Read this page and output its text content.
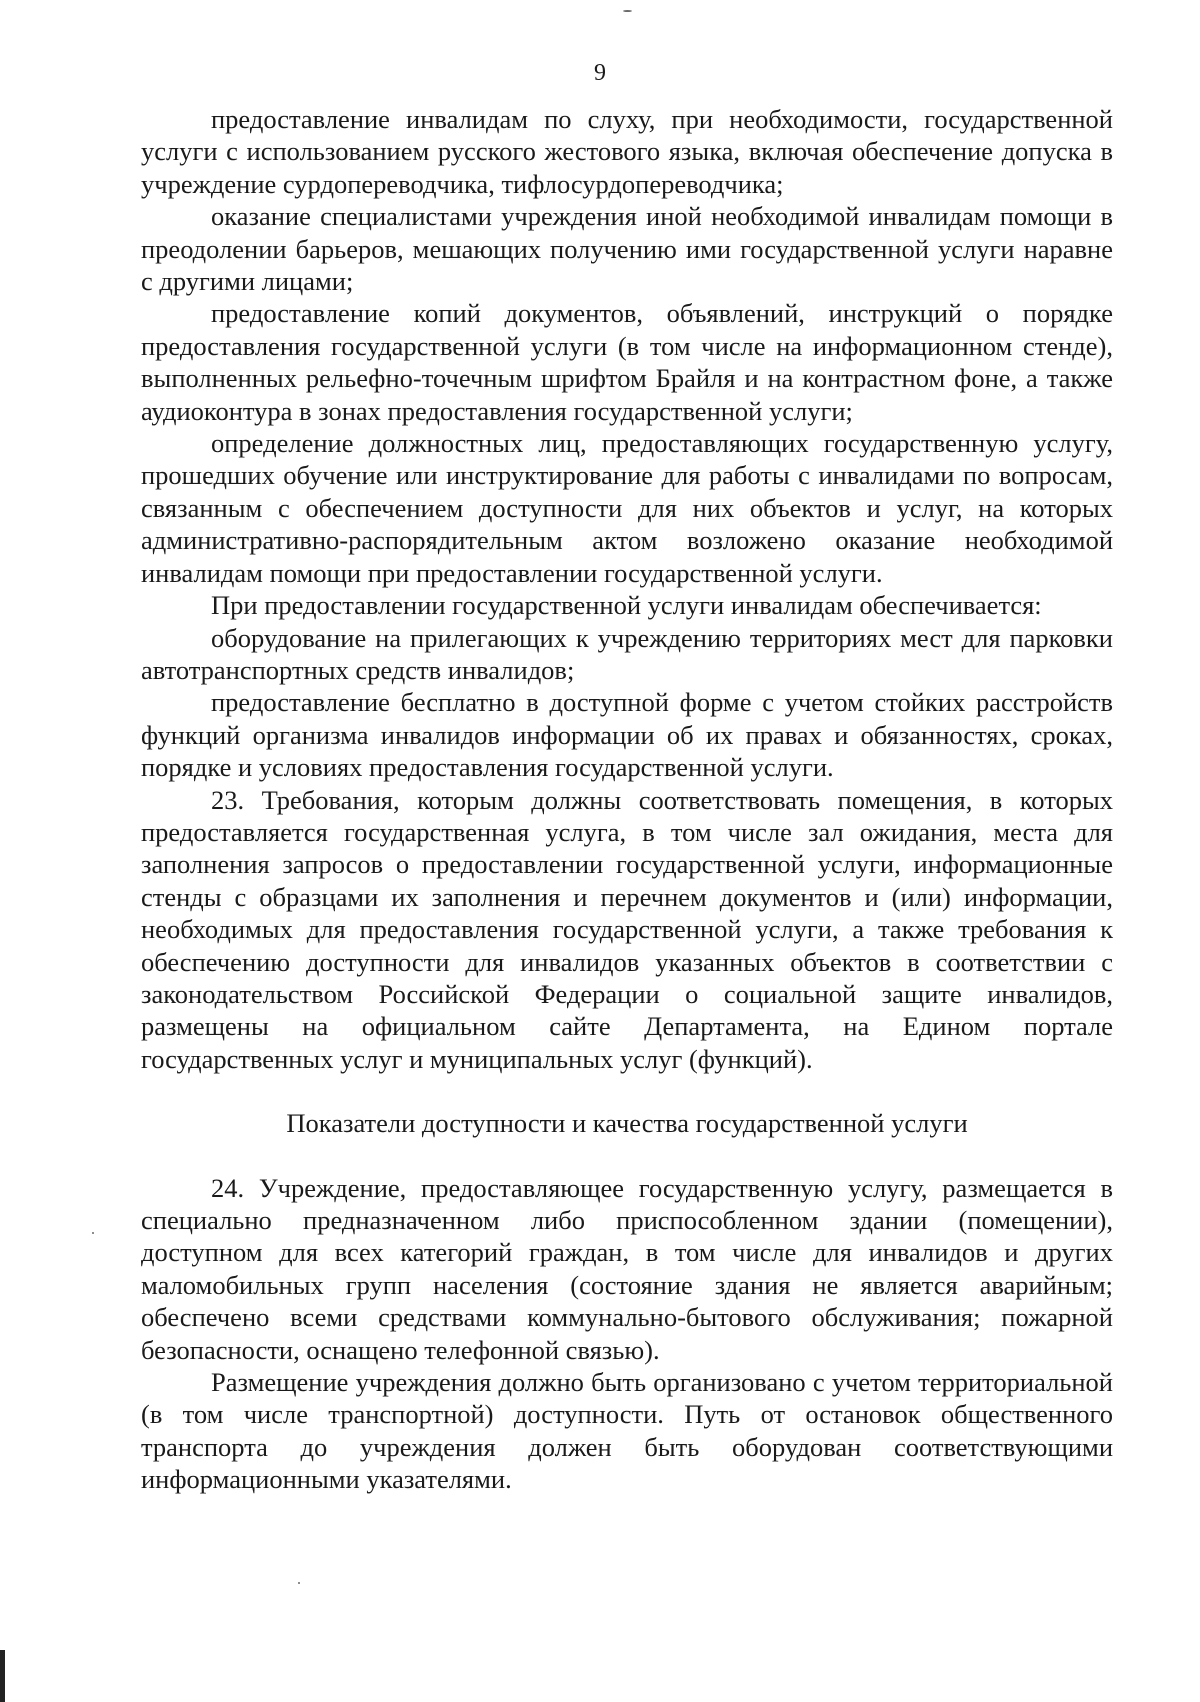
9

предоставление инвалидам по слуху, при необходимости, государственной услуги с использованием русского жестового языка, включая обеспечение допуска в учреждение сурдопереводчика, тифлосурдопереводчика;

оказание специалистами учреждения иной необходимой инвалидам помощи в преодолении барьеров, мешающих получению ими государственной услуги наравне с другими лицами;

предоставление копий документов, объявлений, инструкций о порядке предоставления государственной услуги (в том числе на информационном стенде), выполненных рельефно-точечным шрифтом Брайля и на контрастном фоне, а также аудиоконтура в зонах предоставления государственной услуги;

определение должностных лиц, предоставляющих государственную услугу, прошедших обучение или инструктирование для работы с инвалидами по вопросам, связанным с обеспечением доступности для них объектов и услуг, на которых административно-распорядительным актом возложено оказание необходимой инвалидам помощи при предоставлении государственной услуги.

При предоставлении государственной услуги инвалидам обеспечивается:

оборудование на прилегающих к учреждению территориях мест для парковки автотранспортных средств инвалидов;

предоставление бесплатно в доступной форме с учетом стойких расстройств функций организма инвалидов информации об их правах и обязанностях, сроках, порядке и условиях предоставления государственной услуги.

23. Требования, которым должны соответствовать помещения, в которых предоставляется государственная услуга, в том числе зал ожидания, места для заполнения запросов о предоставлении государственной услуги, информационные стенды с образцами их заполнения и перечнем документов и (или) информации, необходимых для предоставления государственной услуги, а также требования к обеспечению доступности для инвалидов указанных объектов в соответствии с законодательством Российской Федерации о социальной защите инвалидов, размещены на официальном сайте Департамента, на Едином портале государственных услуг и муниципальных услуг (функций).

Показатели доступности и качества государственной услуги

24. Учреждение, предоставляющее государственную услугу, размещается в специально предназначенном либо приспособленном здании (помещении), доступном для всех категорий граждан, в том числе для инвалидов и других маломобильных групп населения (состояние здания не является аварийным; обеспечено всеми средствами коммунально-бытового обслуживания; пожарной безопасности, оснащено телефонной связью).

Размещение учреждения должно быть организовано с учетом территориальной (в том числе транспортной) доступности. Путь от остановок общественного транспорта до учреждения должен быть оборудован соответствующими информационными указателями.
